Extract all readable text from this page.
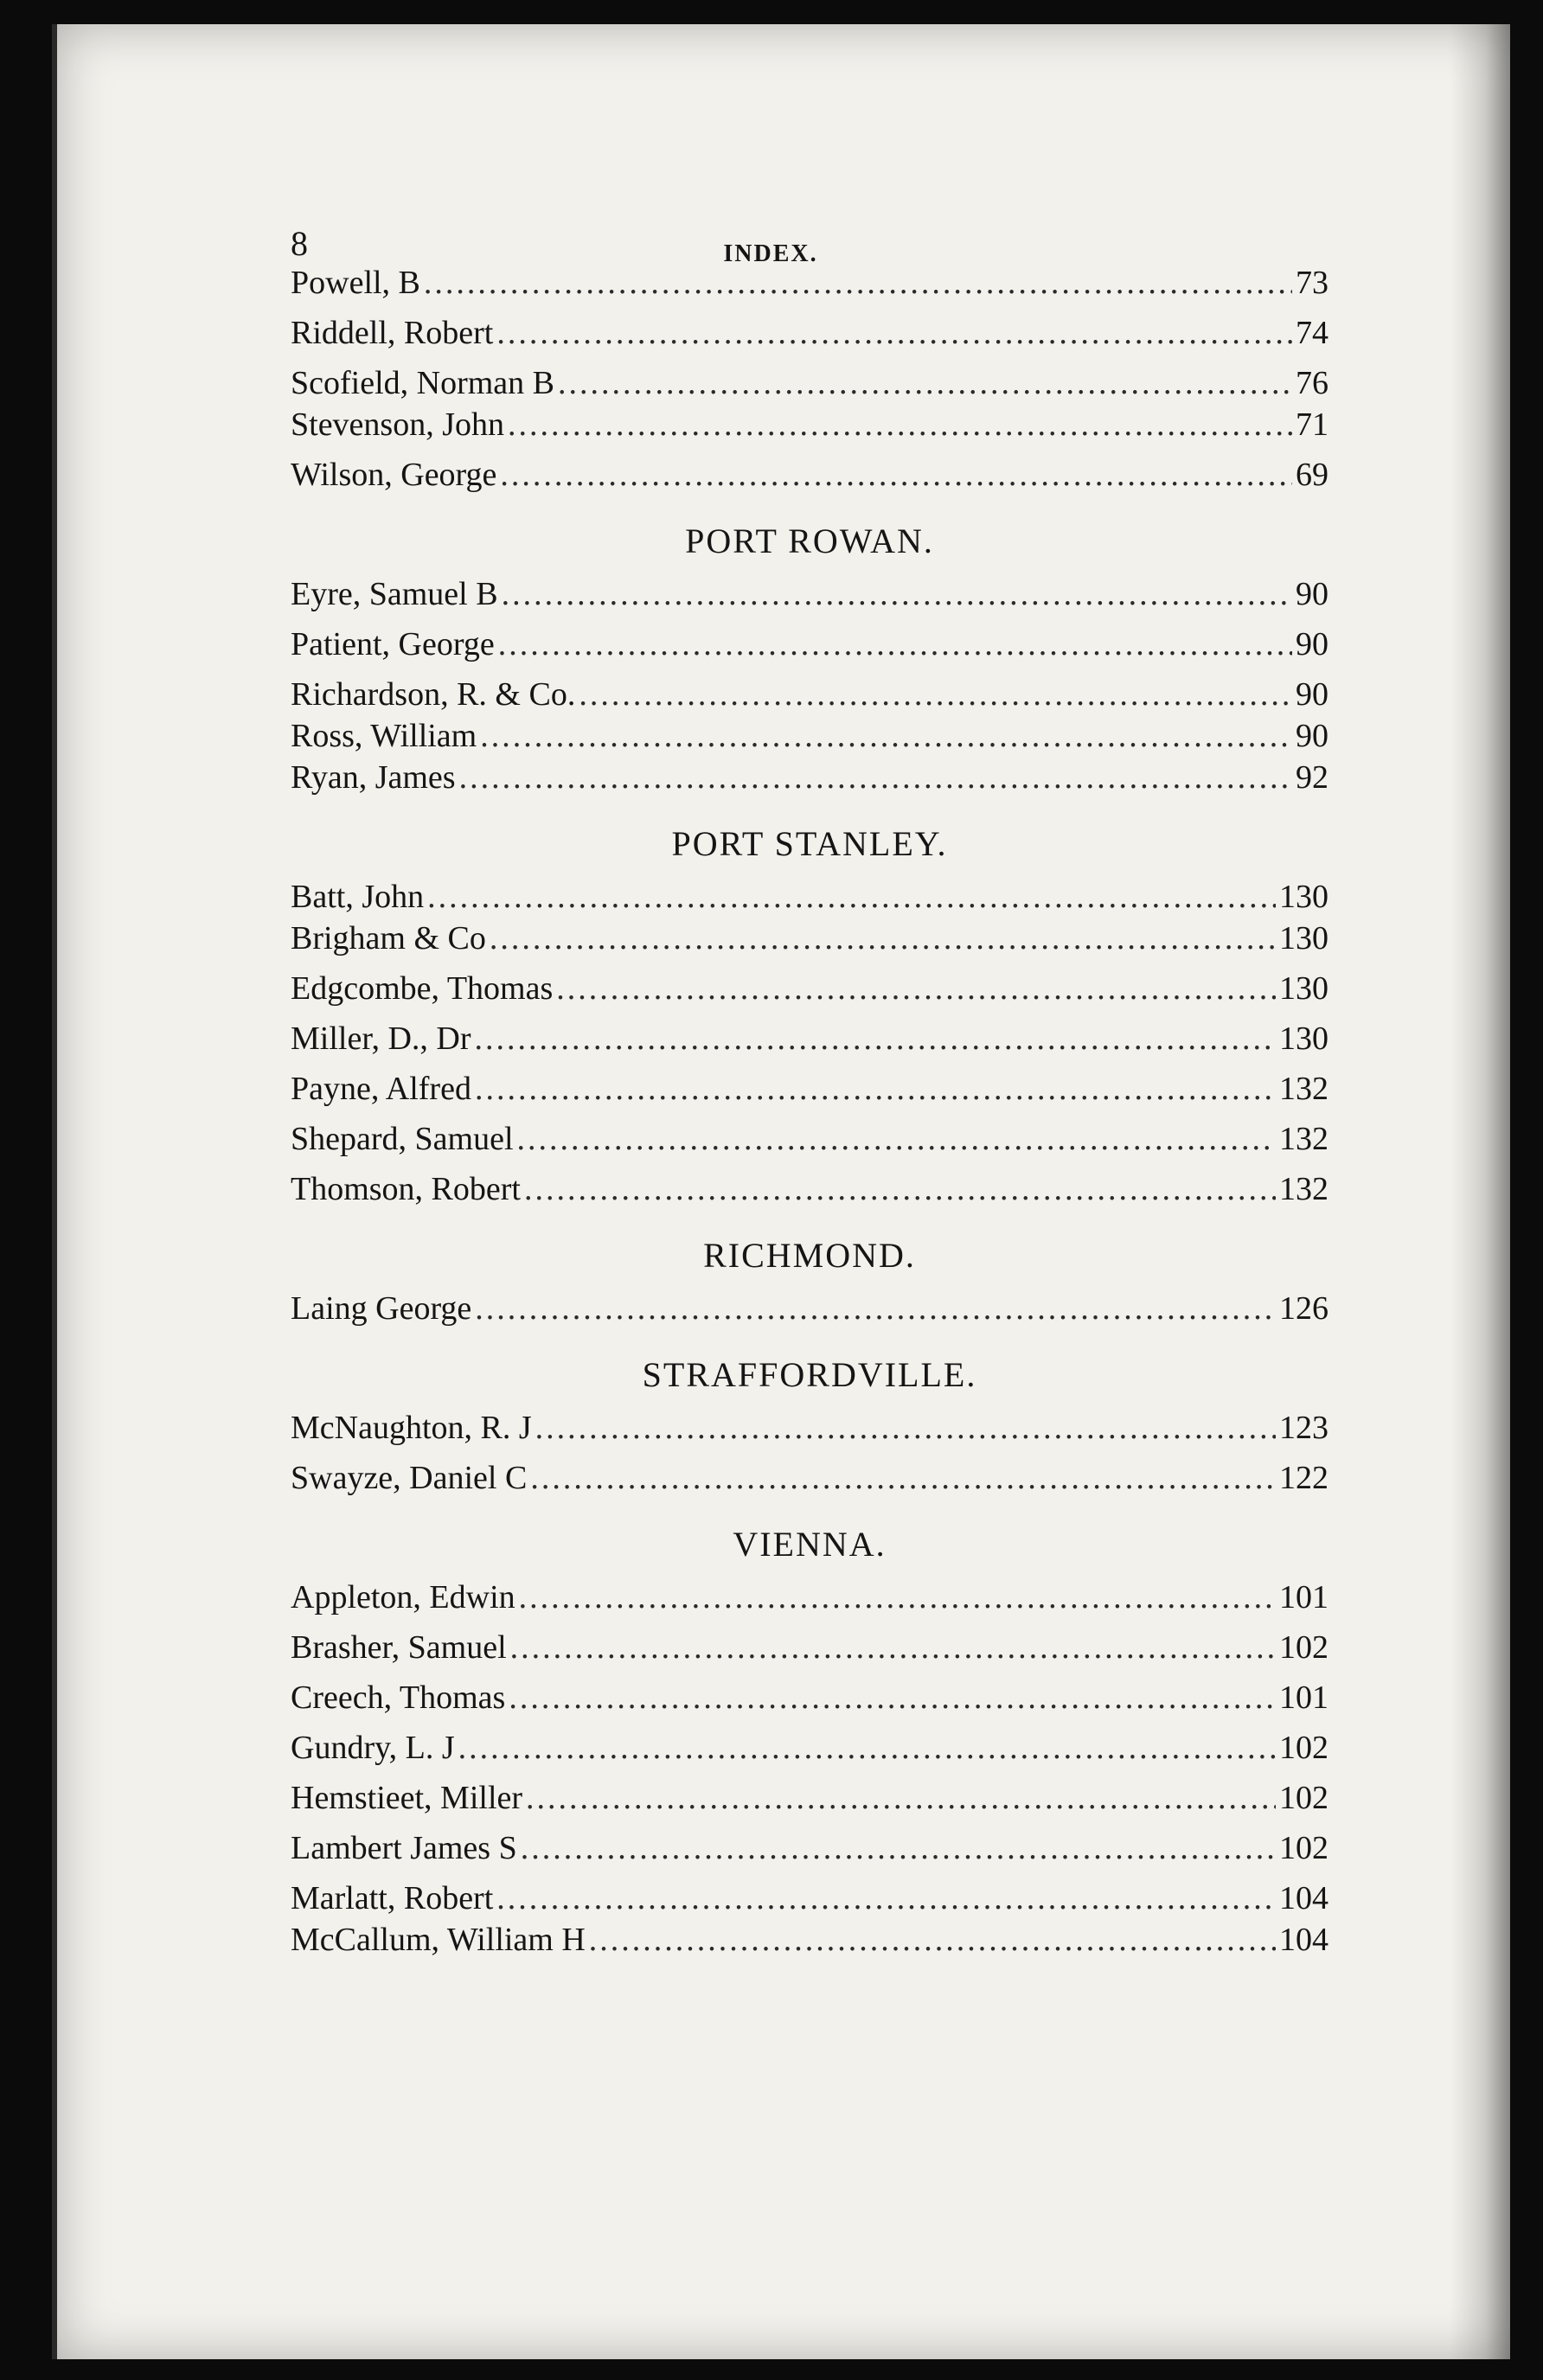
8	INDEX.
Powell, B .....	73
Riddell, Robert .....	74
Scofield, Norman B .....	76
Stevenson, John .....	71
Wilson, George .....	69
PORT ROWAN.
Eyre, Samuel B .....	90
Patient, George .....	90
Richardson, R. & Co. .....	90
Ross, William .....	90
Ryan, James .....	92
PORT STANLEY.
Batt, John .....	130
Brigham & Co .....	130
Edgcombe, Thomas .....	130
Miller, D., Dr .....	130
Payne, Alfred .....	132
Shepard, Samuel .....	132
Thomson, Robert .....	132
RICHMOND.
Laing George .....	126
STRAFFORDVILLE.
McNaughton, R. J .....	123
Swayze, Daniel C .....	122
VIENNA.
Appleton, Edwin .....	101
Brasher, Samuel .....	102
Creech, Thomas .....	101
Gundry, L. J .....	102
Hemstieet, Miller .....	102
Lambert James S .....	102
Marlatt, Robert .....	104
McCallum, William H .....	104
